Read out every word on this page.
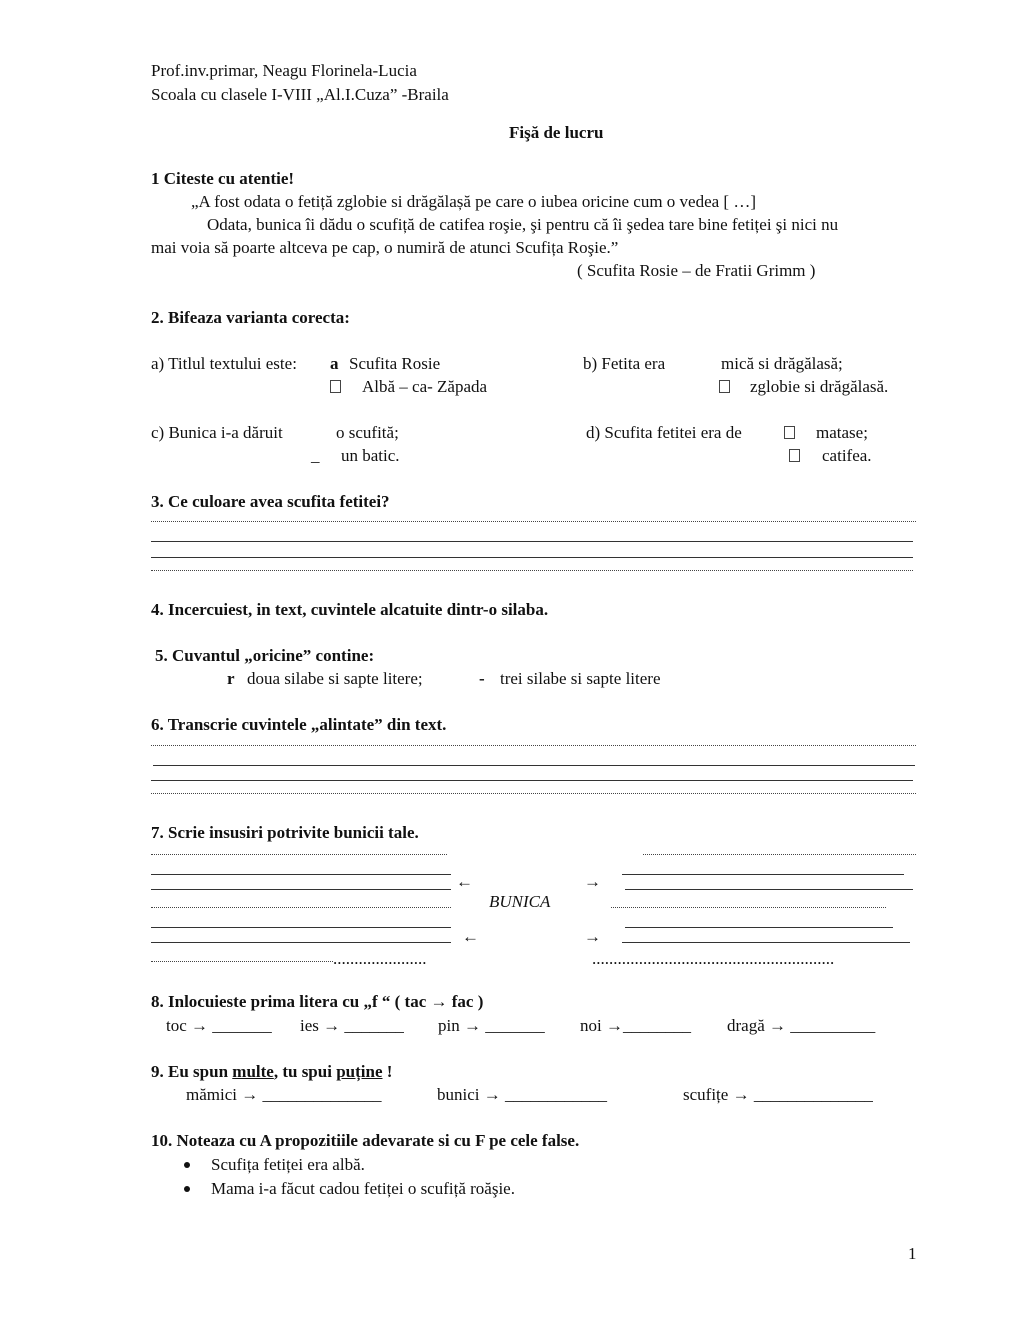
Prof.inv.primar, Neagu Florinela-Lucia
Scoala cu clasele I-VIII „Al.I.Cuza” -Braila
Fişă de lucru
1 Citeste cu atentie!
„A fost odata o fetiță zglobie si drăgălașă pe care o iubea oricine cum o vedea [ …]
Odata, bunica îi dădu o scufiță de catifea roşie, şi pentru că îi şedea tare bine fetiței şi nici nu
mai voia să poarte altceva pe cap, o numiră de atunci Scufița Roşie.”
( Scufita Rosie – de Fratii Grimm )
2. Bifeaza varianta corecta:
a) Titlul textului este: a Scufita Rosie
Albă – ca- Zăpada
b) Fetita era	mică si drăgălasă;
zglobie si drăgălasă.
c) Bunica i-a dăruit	o scufită;
_ un batic.
d) Scufita fetitei era de	matase;
catifea.
3. Ce culoare avea scufita fetitei?
4. Incercuiest, in text, cuvintele alcatuite dintr-o silaba.
5. Cuvantul „oricine” contine:
r doua silabe si sapte litere;	- trei silabe si sapte litere
6. Transcrie cuvintele „alintate” din text.
7. Scrie insusiri potrivite bunicii tale.
......................
←
←
→
→
BUNICA
.........................................................
8. Inlocuieste prima litera cu „f “ ( tac → fac )
toc → _______ ies → _______ pin → _______ noi →________ dragă → __________
9. Eu spun multe, tu spui puține !
mămici → ______________	bunici → ____________	scufițe → ______________
10. Noteaza cu A propozitiile adevarate si cu F pe cele false.
Scufița fetiței era albă.
Mama i-a făcut cadou fetiței o scufiță roăşie.
1
